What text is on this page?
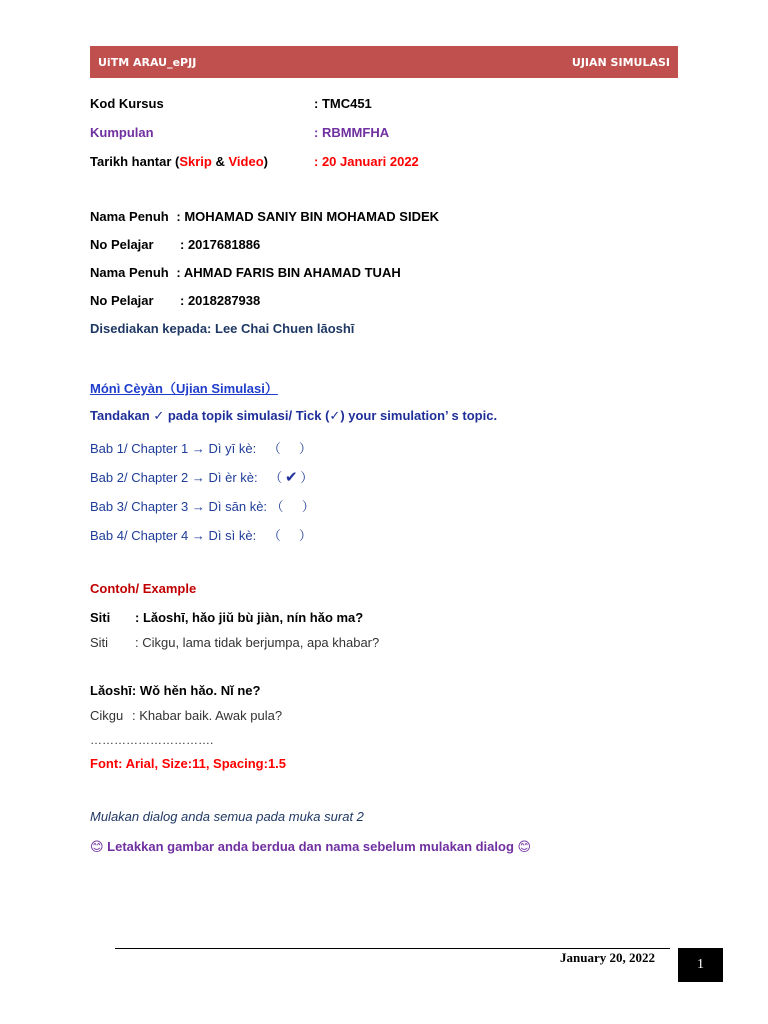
UiTM ARAU_ePJJ	UJIAN SIMULASI
Kod Kursus	: TMC451
Kumpulan	: RBMMFHA
Tarikh hantar (Skrip & Video)	: 20 Januari 2022
Nama Penuh : MOHAMAD SANIY BIN MOHAMAD SIDEK
No Pelajar : 2017681886
Nama Penuh : AHMAD FARIS BIN AHAMAD TUAH
No Pelajar : 2018287938
Disediakan kepada: Lee Chai Chuen lāoshī
Mónì Cèyàn（Ujian Simulasi）
Tandakan ✓ pada topik simulasi/ Tick (✓) your simulation’ s topic.
Bab 1/ Chapter 1 → Dì yī kè: （ ）
Bab 2/ Chapter 2 → Dì èr kè: （ ✔ ）
Bab 3/ Chapter 3 → Dì sān kè: （ ）
Bab 4/ Chapter 4 → Dì sì kè: （ ）
Contoh/ Example
Siti : Lǎoshī, hǎo jiǔ bù jiàn, nín hǎo ma?
Siti : Cikgu, lama tidak berjumpa, apa khabar?
Lǎoshī: Wǒ hěn hǎo. Nǐ ne?
Cikgu : Khabar baik. Awak pula?
………………………….
Font: Arial, Size:11, Spacing:1.5
Mulakan dialog anda semua pada muka surat 2
😊 Letakkan gambar anda berdua dan nama sebelum mulakan dialog 😊
January 20, 2022	1
